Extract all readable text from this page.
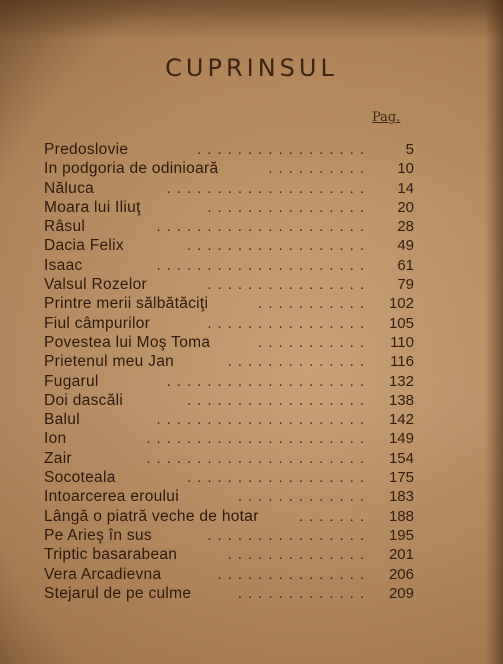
CUPRINSUL
Pag.
Predoslovie	5
.................
In podgoria de odinioară	10
..........
Năluca	14
....................
Moara lui Iliuţ	20
................
Râsul	28
.....................
Dacia Felix	49
..................
Isaac	61
.....................
Valsul Rozelor	79
................
Printre merii sălbătăciţi	102
...........
Fiul câmpurilor	105
................
Povestea lui Moş Toma	110
...........
Prietenul meu Jan	116
..............
Fugarul	132
....................
Doi dascăli	138
..................
Balul	142
.....................
Ion	149
......................
Zair	154
......................
Socoteala	175
..................
Intoarcerea eroului	183
.............
Lângă o piatră veche de hotar	188
.......
Pe Arieş în sus	195
................
Triptic basarabean	201
..............
Vera Arcadievna	206
...............
Stejarul de pe culme	209
.............
